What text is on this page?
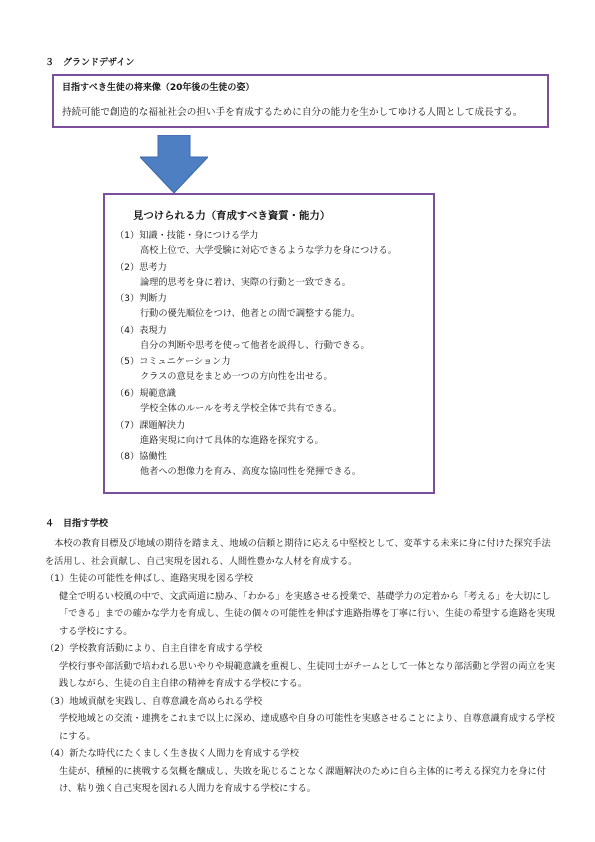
３　グランドデザイン
目指すべき生徒の将来像（20年後の生徒の姿）
持続可能で創造的な福祉社会の担い手を育成するために自分の能力を生かしてゆける人間として成長する。
見つけられる力（育成すべき資質・能力）
（1）知識・技能・身につける学力
高校上位で、大学受験に対応できるような学力を身につける。
（2）思考力
論理的思考を身に着け、実際の行動と一致できる。
（3）判断力
行動の優先順位をつけ、他者との間で調整する能力。
（4）表現力
自分の判断や思考を使って他者を説得し、行動できる。
（5）コミュニケーション力
クラスの意見をまとめ一つの方向性を出せる。
（6）規範意識
学校全体のルールを考え学校全体で共有できる。
（7）課題解決力
進路実現に向けて具体的な進路を探究する。
（8）協働性
他者への想像力を育み、高度な協同性を発揮できる。
４　目指す学校
本校の教育目標及び地域の期待を踏まえ、地域の信頼と期待に応える中堅校として、変革する未来に身に付けた探究手法を活用し、社会貢献し、自己実現を図れる、人間性豊かな人材を育成する。
（1）生徒の可能性を伸ばし、進路実現を図る学校
健全で明るい校風の中で、文武両道に励み、「わかる」を実感させる授業で、基礎学力の定着から「考える」を大切にし「できる」までの確かな学力を育成し、生徒の個々の可能性を伸ばす進路指導を丁寧に行い、生徒の希望する進路を実現する学校にする。
（2）学校教育活動により、自主自律を育成する学校
学校行事や部活動で培われる思いやりや規範意識を重視し、生徒同士がチームとして一体となり部活動と学習の両立を実践しながら、生徒の自主自律の精神を育成する学校にする。
（3）地域貢献を実践し、自尊意識を高められる学校
学校地域との交流・連携をこれまで以上に深め、達成感や自身の可能性を実感させることにより、自尊意識育成する学校にする。
（4）新たな時代にたくましく生き抜く人間力を育成する学校
生徒が、積極的に挑戦する気概を醸成し、失敗を恥じることなく課題解決のために自ら主体的に考える探究力を身に付け、粘り強く自己実現を図れる人間力を育成する学校にする。
